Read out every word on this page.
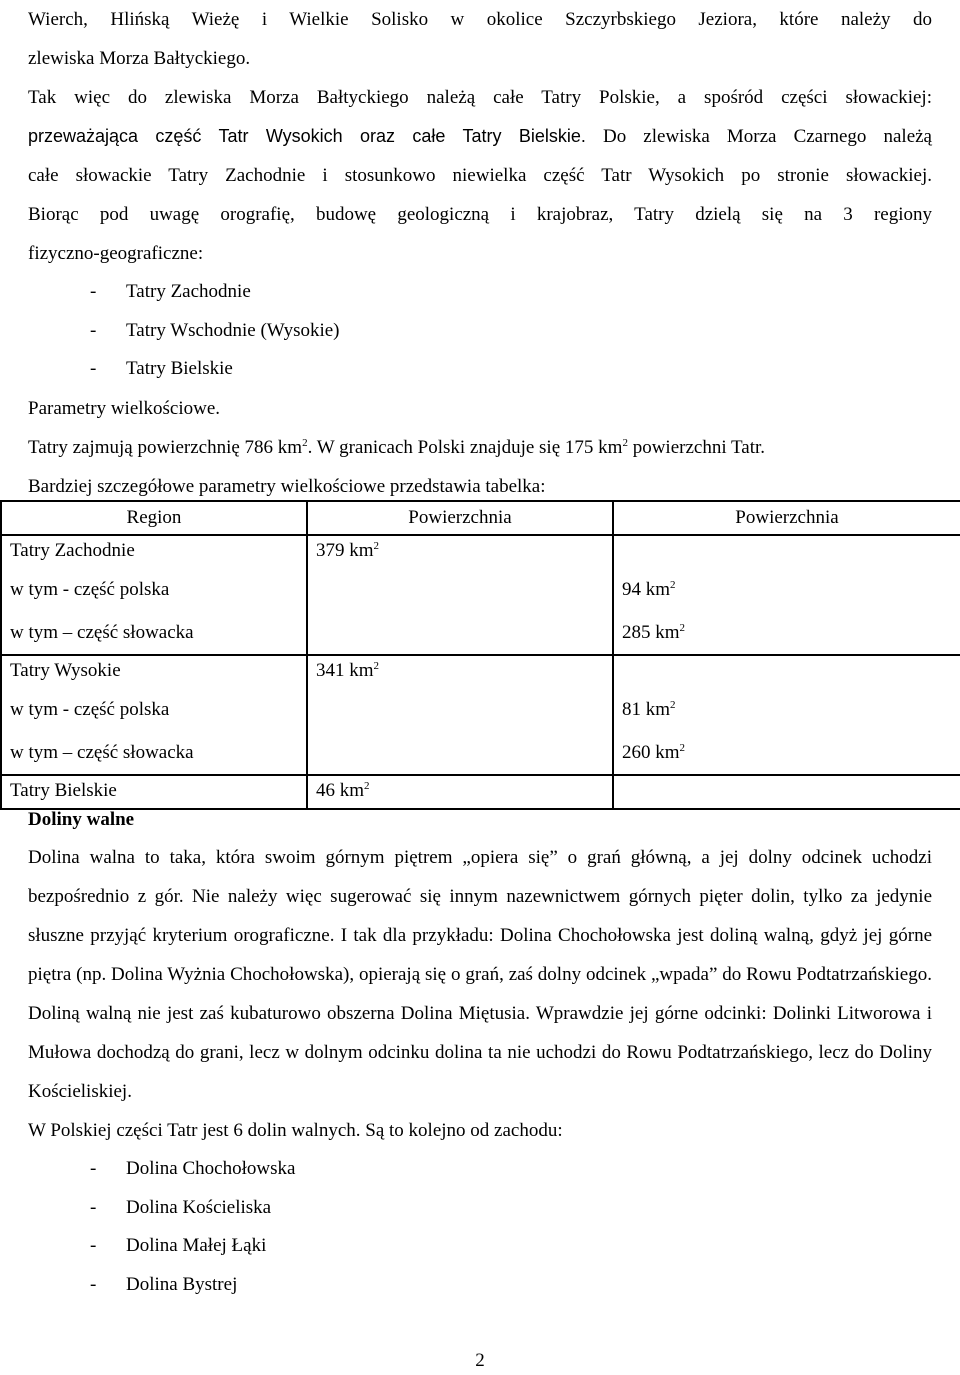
Wierch, Hlińską Wieżę i Wielkie Solisko w okolice Szczyrbskiego Jeziora, które należy do

zlewiska Morza Bałtyckiego.

Tak więc do zlewiska Morza Bałtyckiego należą całe Tatry Polskie, a spośród części słowackiej:

przeważająca część Tatr Wysokich oraz całe Tatry Bielskie. Do zlewiska Morza Czarnego należą

całe słowackie Tatry Zachodnie i stosunkowo niewielka część Tatr Wysokich po stronie słowackiej.

Biorąc pod uwagę orografię, budowę geologiczną i krajobraz, Tatry dzielą się na 3 regiony

fizyczno-geograficzne:

- Tatry Zachodnie
- Tatry Wschodnie (Wysokie)
- Tatry Bielskie

Parametry wielkościowe.

Tatry zajmują powierzchnię 786 $km^2$. W granicach Polski znajduje się 175 $km^2$ powierzchni Tatr.

Bardziej szczegółowe parametry wielkościowe przedstawia tabelka:

Region	Powierzchnia	Powierzchnia
Tatry Zachodnie	379 $km^2$	
w tym - część polska		94 $km^2$
w tym – część słowacka		285 $km^2$
Tatry Wysokie	341 $km^2$	
w tym - część polska		81 $km^2$
w tym – część słowacka		260 $km^2$
Tatry Bielskie	46 $km^2$	
Doliny walne

Dolina walna to taka, która swoim górnym piętrem „opiera się” o grań główną, a jej dolny odcinek uchodzi bezpośrednio z gór. Nie należy więc sugerować się innym nazewnictwem górnych pięter dolin, tylko za jedynie słuszne przyjąć kryterium orograficzne. I tak dla przykładu: Dolina Chochołowska jest doliną walną, gdyż jej górne piętra (np. Dolina Wyżnia Chochołowska), opierają się o grań, zaś dolny odcinek „wpada” do Rowu Podtatrzańskiego. Doliną walną nie jest zaś kubaturowo obszerna Dolina Miętusia. Wprawdzie jej górne odcinki: Dolinki Litworowa i Mułowa dochodzą do grani, lecz w dolnym odcinku dolina ta nie uchodzi do Rowu Podtatrzańskiego, lecz do Doliny Kościeliskiej.

W Polskiej części Tatr jest 6 dolin walnych. Są to kolejno od zachodu:

- Dolina Chochołowska
- Dolina Kościeliska
- Dolina Małej Łąki
- Dolina Bystrej
2
